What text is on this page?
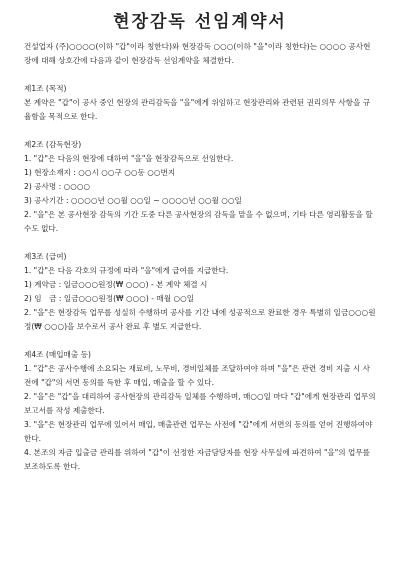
현장감독 선임계약서

건설업자 (주)○○○○(이하 "갑"이라 칭한다)와 현장감독 ○○○(이하 "을"이라 칭한다)는 ○○○○ 공사현장에 대해 상호간에 다음과 같이 현장감독 선임계약을 체결한다.

제1조 (목적)

본 계약은 "갑"이 공사 중인 현장의 관리감독을 "을"에게 위임하고 현장관리와 관련된 권리의무 사항을 규율함을 목적으로 한다.

제2조 (감독현장)

1. "갑"은 다음의 현장에 대하여 "을"을 현장감독으로 선임한다.

1) 현장소재지 : ○○시 ○○구 ○○동 ○○번지

2) 공사명 : ○○○○

3) 공사기간 : ○○○○년 ○○월 ○○일 ~ ○○○○년 ○○월 ○○일

2. "을"은 본 공사현장 감독의 기간 도중 다른 공사현장의 감독을 맡을 수 없으며, 기타 다른 영리활동을 할 수도 없다.

제3조 (급여)

1. "갑"은 다음 각호의 규정에 따라 "을"에게 급여를 지급한다.

1) 계약금 : 일금○○○원정(₩ ○○○) - 본 계약 체결 시

2) 임　금 : 일금○○○원정(₩ ○○○) - 매월 ○○일

2. "을"은 현장감독 업무를 성실히 수행하며 공사를 기간 내에 성공적으로 완료한 경우 특별히 일금○○○원정(₩ ○○○)을 보수로서 공사 완료 후 별도 지급한다.

제4조 (매입매출 등)

1. "갑"은 공사수행에 소요되는 재료비, 노무비, 경비일체를 조달하여야 하며 "을"은 관련 경비 지출 시 사전에 "갑"의 서면 동의를 득한 후 매입, 매출을 할 수 있다.

2. "을"은 "갑"을 대리하여 공사현장의 관리감독 일체를 수행하며, 매○○일 마다 "갑"에게 현장관리 업무의 보고서를 작성 제출한다.

3. "을"은 현장관리 업무에 있어서 매입, 매출관련 업무는 사전에 "갑"에게 서면의 동의를 얻어 진행하여야 한다.

4. 본조의 자금 입출금 관리를 위하여 "갑"이 선정한 자금담당자를 현장 사무실에 파견하여 "을"의 업무를 보조하도록 한다.
